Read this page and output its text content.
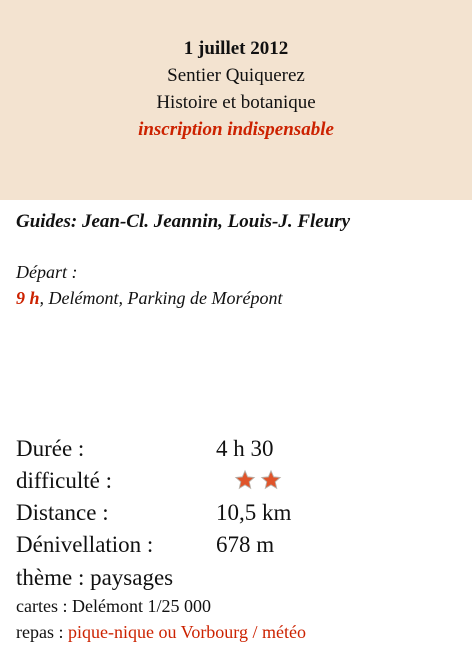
1 juillet 2012
Sentier Quiquerez
Histoire et botanique
inscription indispensable
Guides: Jean-Cl. Jeannin, Louis-J. Fleury
Départ :
9 h, Delémont, Parking de Morépont
Durée :	4 h 30
difficulté :
Distance :	10,5 km
Dénivellation :	678 m
thème : paysages
cartes : Delémont 1/25 000
repas : pique-nique ou Vorbourg / météo
